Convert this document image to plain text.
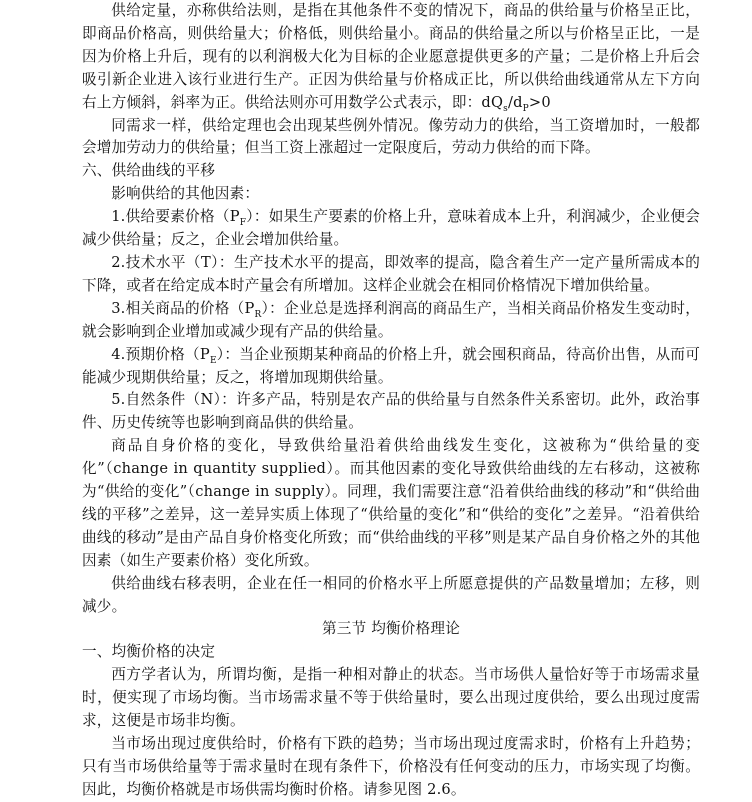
供给定量，亦称供给法则，是指在其他条件不变的情况下，商品的供给量与价格呈正比，即商品价格高，则供给量大；价格低，则供给量小。商品的供给量之所以与价格呈正比，一是因为价格上升后，现有的以利润极大化为目标的企业愿意提供更多的产量；二是价格上升后会吸引新企业进入该行业进行生产。正因为供给量与价格成正比，所以供给曲线通常从左下方向右上方倾斜，斜率为正。供给法则亦可用数学公式表示，即：$dQ_s/d_P>0$

同需求一样，供给定理也会出现某些例外情况。像劳动力的供给，当工资增加时，一般都会增加劳动力的供给量；但当工资上涨超过一定限度后，劳动力供给的而下降。

六、供给曲线的平移

影响供给的其他因素：

1.供给要素价格$(P_F)$：如果生产要素的价格上升，意味着成本上升，利润减少，企业便会减少供给量；反之，企业会增加供给量。

2.技术水平（T）：生产技术水平的提高，即效率的提高，隐含着生产一定产量所需成本的下降，或者在给定成本时产量会有所增加。这样企业就会在相同价格情况下增加供给量。

3.相关商品的价格$(P_R)$：企业总是选择利润高的商品生产，当相关商品价格发生变动时，就会影响到企业增加或减少现有产品的供给量。

4.预期价格$(P_E)$：当企业预期某种商品的价格上升，就会囤积商品，待高价出售，从而可能减少现期供给量；反之，将增加现期供给量。

5.自然条件（N）：许多产品，特别是农产品的供给量与自然条件关系密切。此外，政治事件、历史传统等也影响到商品供的供给量。

商品自身价格的变化，导致供给量沿着供给曲线发生变化，这被称为“供给量的变化”（change in quantity supplied）。而其他因素的变化导致供给曲线的左右移动，这被称为“供给的变化”（change in supply）。同理，我们需要注意“沿着供给曲线的移动”和“供给曲线的平移”之差异，这一差异实质上体现了“供给量的变化”和“供给的变化”之差异。“沿着供给曲线的移动”是由产品自身价格变化所致；而“供给曲线的平移”则是某产品自身价格之外的其他因素（如生产要素价格）变化所致。

供给曲线右移表明，企业在任一相同的价格水平上所愿意提供的产品数量增加；左移，则减少。

第三节 均衡价格理论

一、均衡价格的决定

西方学者认为，所谓均衡，是指一种相对静止的状态。当市场供人量恰好等于市场需求量时，便实现了市场均衡。当市场需求量不等于供给量时，要么出现过度供给，要么出现过度需求，这便是市场非均衡。

当市场出现过度供给时，价格有下跌的趋势；当市场出现过度需求时，价格有上升趋势；只有当市场供给量等于需求量时在现有条件下，价格没有任何变动的压力，市场实现了均衡。因此，均衡价格就是市场供需均衡时价格。请参见图 2.6。
